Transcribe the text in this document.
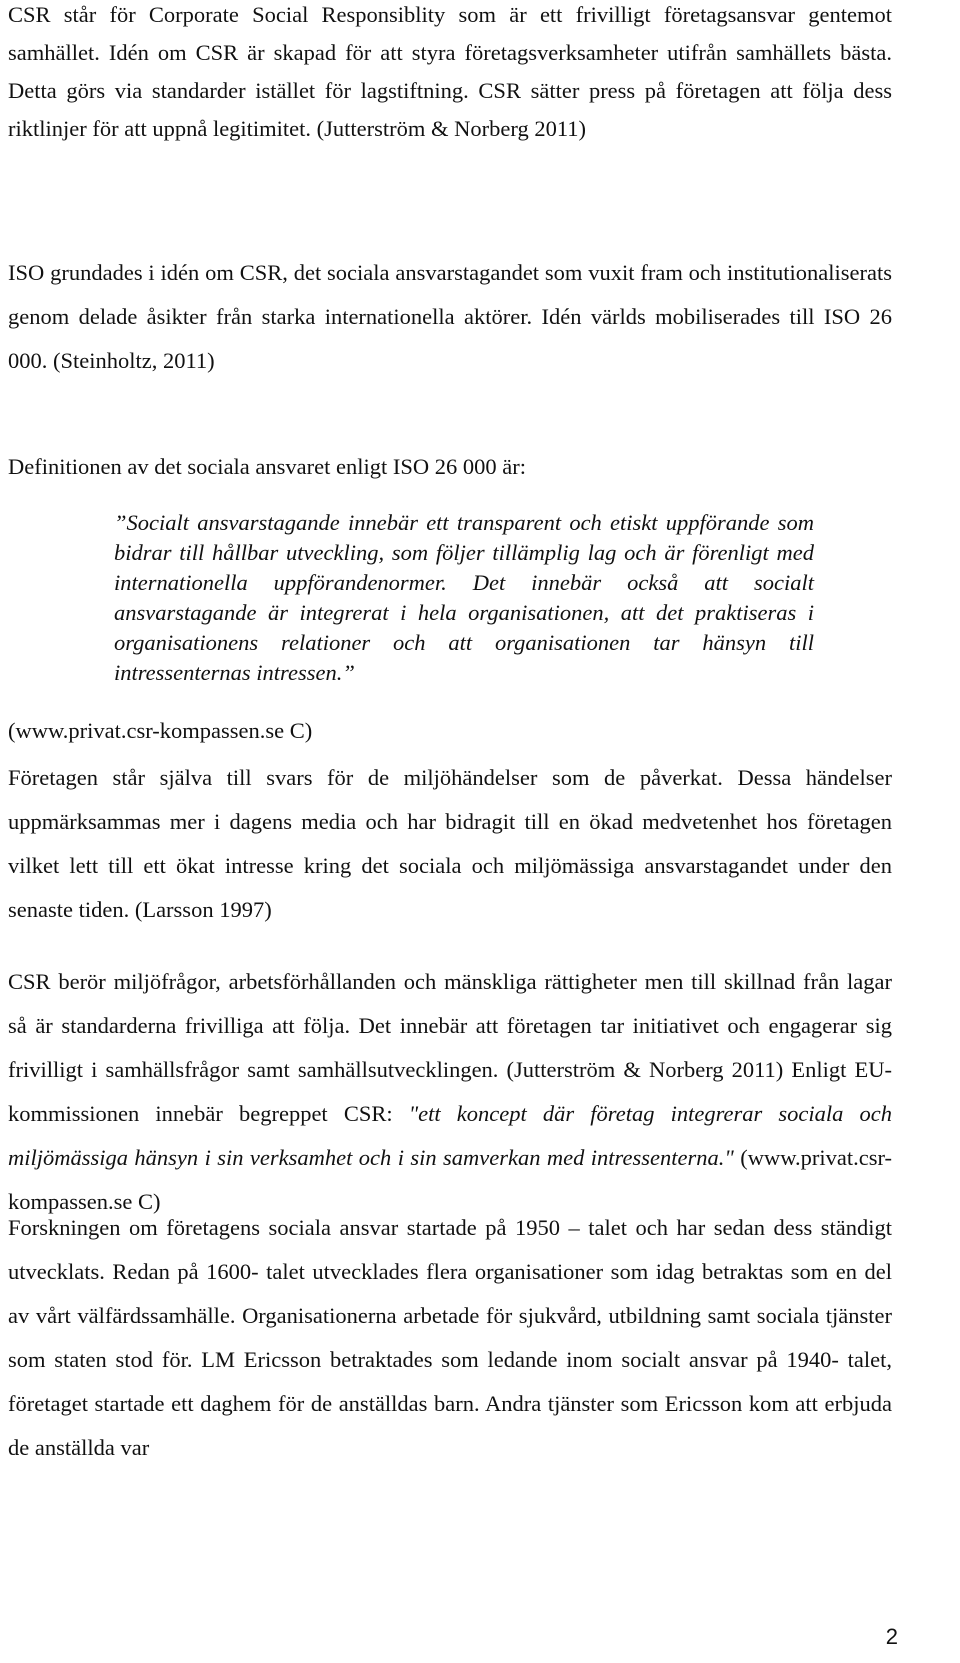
CSR står för Corporate Social Responsiblity som är ett frivilligt företagsansvar gentemot samhället. Idén om CSR är skapad för att styra företagsverksamheter utifrån samhällets bästa. Detta görs via standarder istället för lagstiftning. CSR sätter press på företagen att följa dess riktlinjer för att uppnå legitimitet. (Jutterström & Norberg 2011)

ISO grundades i idén om CSR, det sociala ansvarstagandet som vuxit fram och institutionaliserats genom delade åsikter från starka internationella aktörer. Idén världs mobiliserades till ISO 26 000. (Steinholtz, 2011)

Definitionen av det sociala ansvaret enligt ISO 26 000 är:

”Socialt ansvarstagande innebär ett transparent och etiskt uppförande som bidrar till hållbar utveckling, som följer tillämplig lag och är förenligt med internationella uppförandenormer. Det innebär också att socialt ansvarstagande är integrerat i hela organisationen, att det praktiseras i organisationens relationer och att organisationen tar hänsyn till intressenternas intressen.”

(www.privat.csr-kompassen.se C)

Företagen står själva till svars för de miljöhändelser som de påverkat. Dessa händelser uppmärksammas mer i dagens media och har bidragit till en ökad medvetenhet hos företagen vilket lett till ett ökat intresse kring det sociala och miljömässiga ansvarstagandet under den senaste tiden. (Larsson 1997)

CSR berör miljöfrågor, arbetsförhållanden och mänskliga rättigheter men till skillnad från lagar så är standarderna frivilliga att följa. Det innebär att företagen tar initiativet och engagerar sig frivilligt i samhällsfrågor samt samhällsutvecklingen. (Jutterström & Norberg 2011) Enligt EU-kommissionen innebär begreppet CSR: "ett koncept där företag integrerar sociala och miljömässiga hänsyn i sin verksamhet och i sin samverkan med intressenterna." (www.privat.csr-kompassen.se C)

Forskningen om företagens sociala ansvar startade på 1950 – talet och har sedan dess ständigt utvecklats. Redan på 1600- talet utvecklades flera organisationer som idag betraktas som en del av vårt välfärdssamhälle. Organisationerna arbetade för sjukvård, utbildning samt sociala tjänster som staten stod för. LM Ericsson betraktades som ledande inom socialt ansvar på 1940- talet, företaget startade ett daghem för de anställdas barn. Andra tjänster som Ericsson kom att erbjuda de anställda var

2
